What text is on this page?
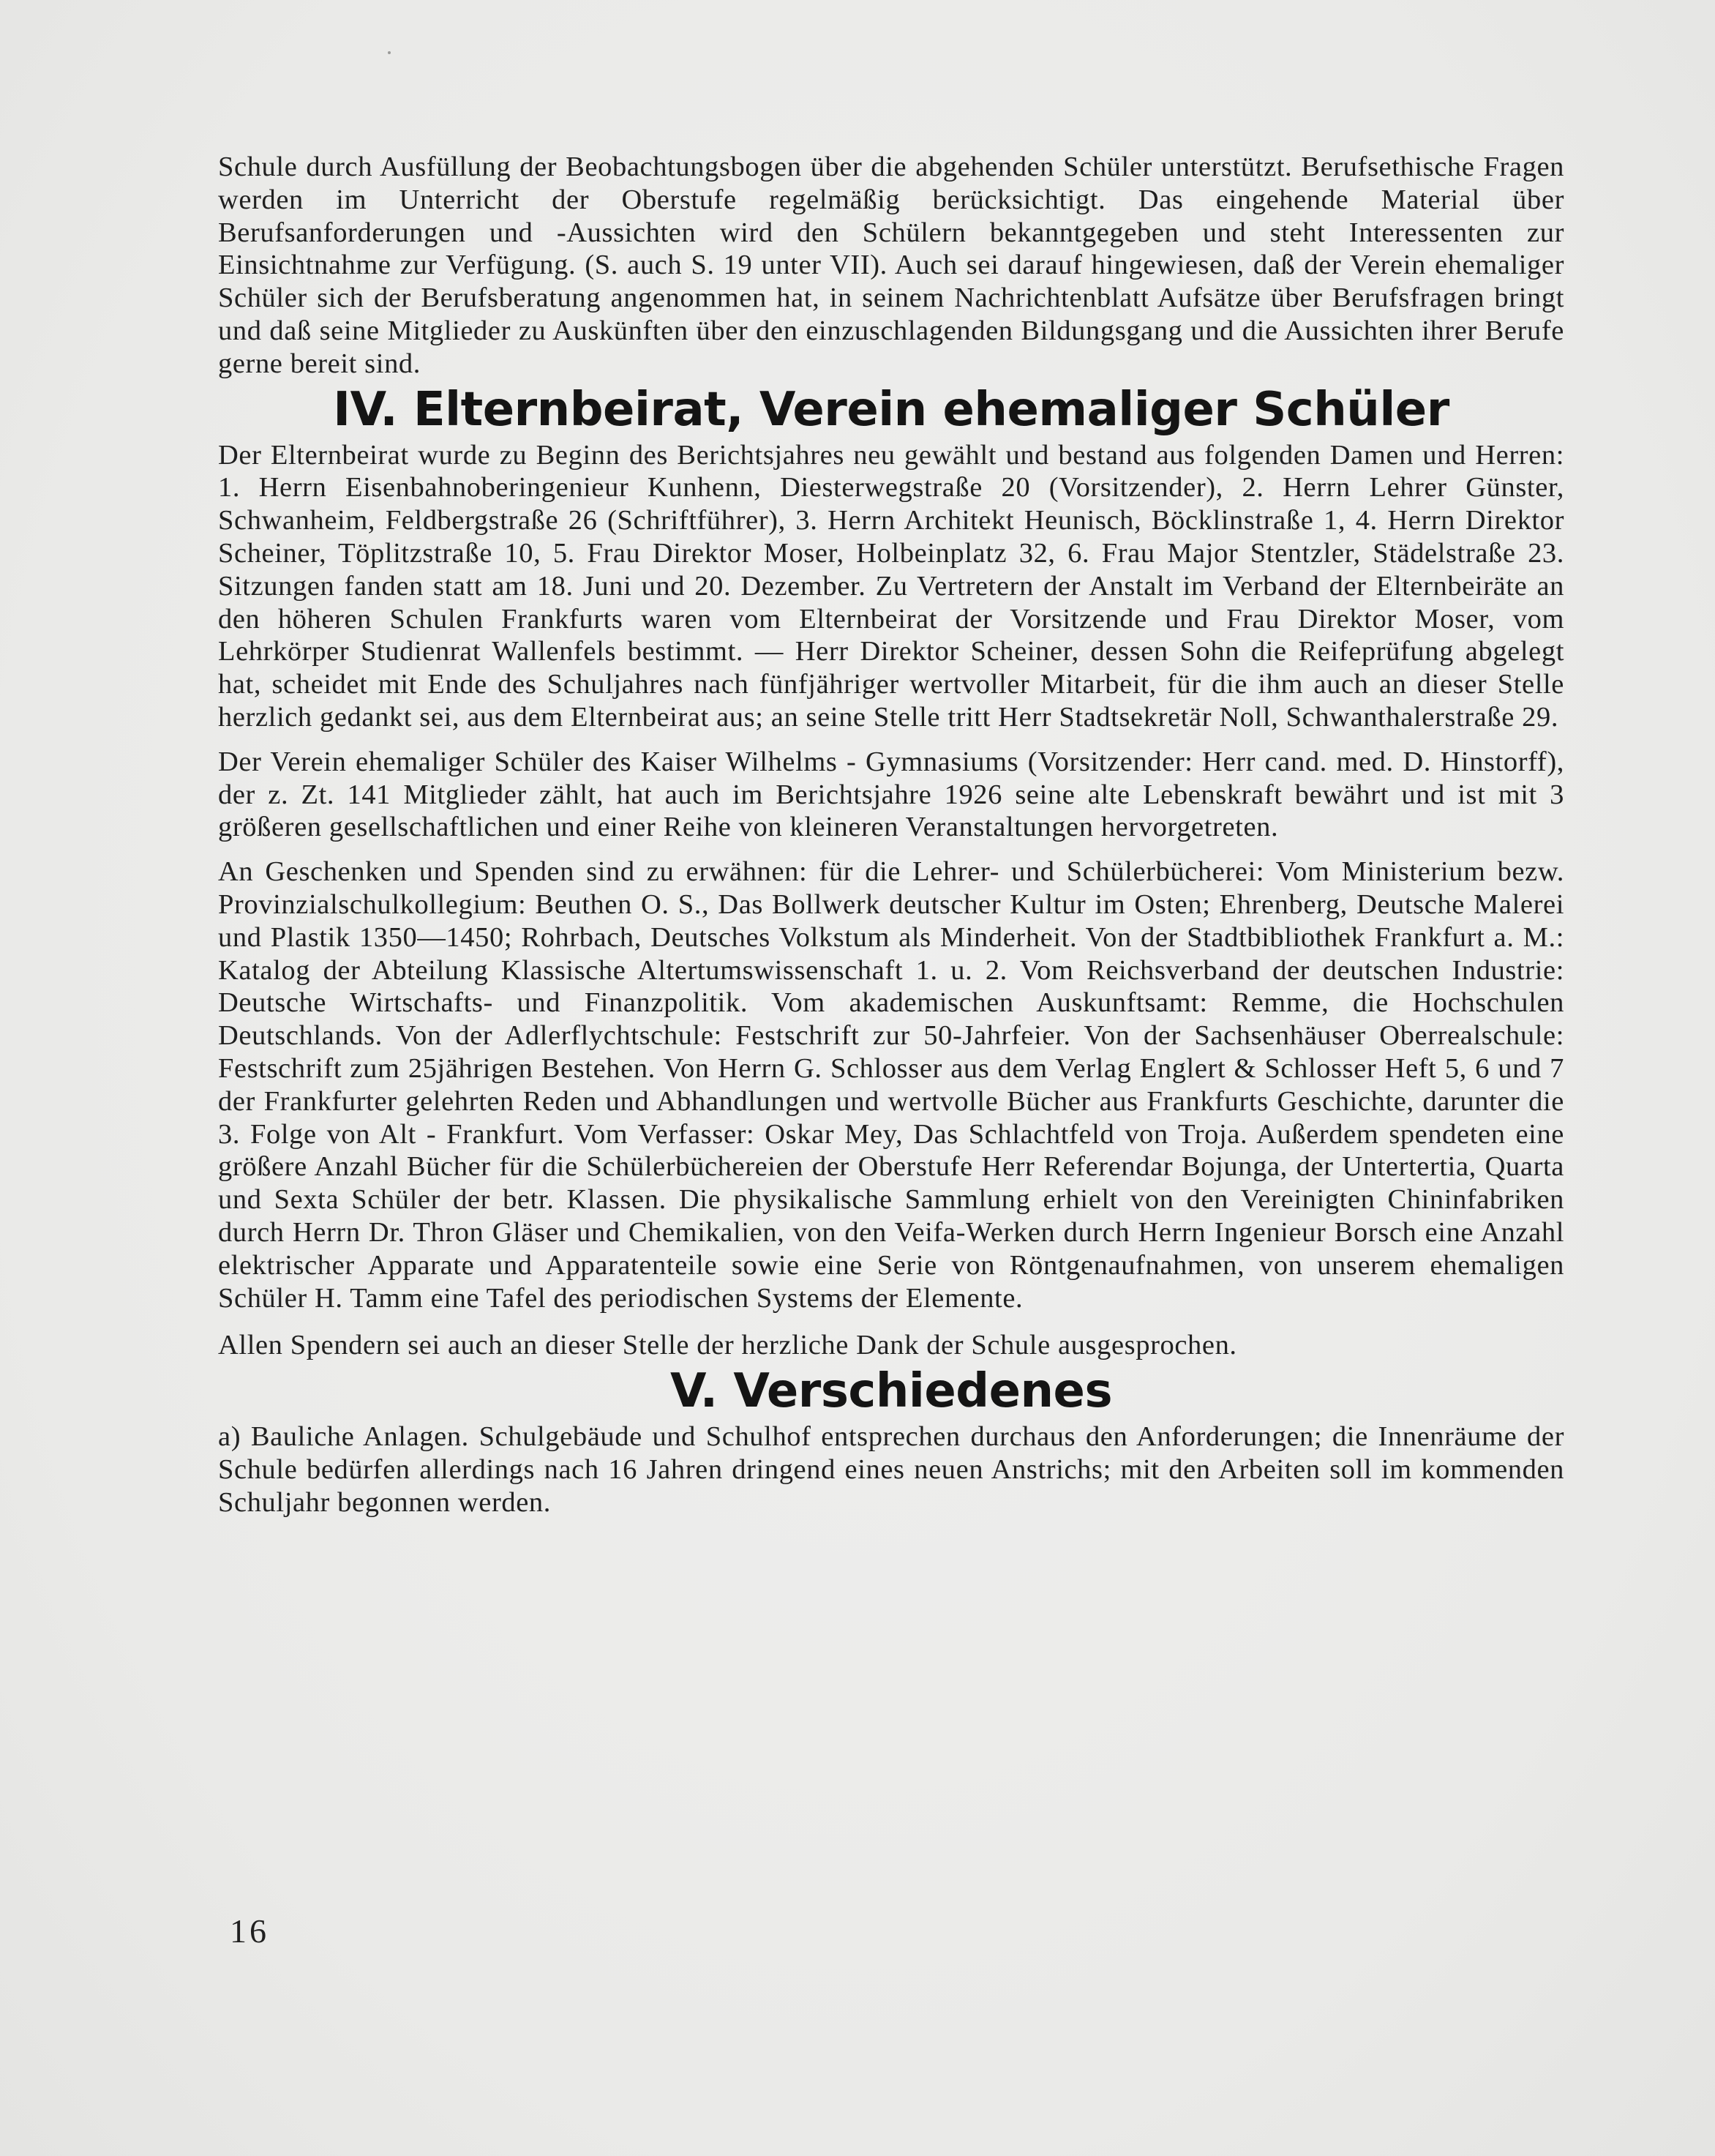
Schule durch Ausfüllung der Beobachtungsbogen über die abgehenden Schüler unterstützt. Berufsethische Fragen werden im Unterricht der Oberstufe regelmäßig berücksichtigt. Das eingehende Material über Berufsanforderungen und -Aussichten wird den Schülern bekanntgegeben und steht Interessenten zur Einsichtnahme zur Verfügung. (S. auch S. 19 unter VII). Auch sei darauf hingewiesen, daß der Verein ehemaliger Schüler sich der Berufsberatung angenommen hat, in seinem Nachrichtenblatt Aufsätze über Berufsfragen bringt und daß seine Mitglieder zu Auskünften über den einzuschlagenden Bildungsgang und die Aussichten ihrer Berufe gerne bereit sind.

IV. Elternbeirat, Verein ehemaliger Schüler

Der Elternbeirat wurde zu Beginn des Berichtsjahres neu gewählt und bestand aus folgenden Damen und Herren: 1. Herrn Eisenbahnoberingenieur Kunhenn, Diesterwegstraße 20 (Vorsitzender), 2. Herrn Lehrer Günster, Schwanheim, Feldbergstraße 26 (Schriftführer), 3. Herrn Architekt Heunisch, Böcklinstraße 1, 4. Herrn Direktor Scheiner, Töplitzstraße 10, 5. Frau Direktor Moser, Holbeinplatz 32, 6. Frau Major Stentzler, Städelstraße 23. Sitzungen fanden statt am 18. Juni und 20. Dezember. Zu Vertretern der Anstalt im Verband der Elternbeiräte an den höheren Schulen Frankfurts waren vom Elternbeirat der Vorsitzende und Frau Direktor Moser, vom Lehrkörper Studienrat Wallenfels bestimmt. — Herr Direktor Scheiner, dessen Sohn die Reifeprüfung abgelegt hat, scheidet mit Ende des Schuljahres nach fünfjähriger wertvoller Mitarbeit, für die ihm auch an dieser Stelle herzlich gedankt sei, aus dem Elternbeirat aus; an seine Stelle tritt Herr Stadtsekretär Noll, Schwanthalerstraße 29.

Der Verein ehemaliger Schüler des Kaiser Wilhelms - Gymnasiums (Vorsitzender: Herr cand. med. D. Hinstorff), der z. Zt. 141 Mitglieder zählt, hat auch im Berichtsjahre 1926 seine alte Lebenskraft bewährt und ist mit 3 größeren gesellschaftlichen und einer Reihe von kleineren Veranstaltungen hervorgetreten.

An Geschenken und Spenden sind zu erwähnen: für die Lehrer- und Schülerbücherei: Vom Ministerium bezw. Provinzialschulkollegium: Beuthen O. S., Das Bollwerk deutscher Kultur im Osten; Ehrenberg, Deutsche Malerei und Plastik 1350—1450; Rohrbach, Deutsches Volkstum als Minderheit. Von der Stadtbibliothek Frankfurt a. M.: Katalog der Abteilung Klassische Altertumswissenschaft 1. u. 2. Vom Reichsverband der deutschen Industrie: Deutsche Wirtschafts- und Finanzpolitik. Vom akademischen Auskunftsamt: Remme, die Hochschulen Deutschlands. Von der Adlerflychtschule: Festschrift zur 50-Jahrfeier. Von der Sachsenhäuser Oberrealschule: Festschrift zum 25jährigen Bestehen. Von Herrn G. Schlosser aus dem Verlag Englert & Schlosser Heft 5, 6 und 7 der Frankfurter gelehrten Reden und Abhandlungen und wertvolle Bücher aus Frankfurts Geschichte, darunter die 3. Folge von Alt - Frankfurt. Vom Verfasser: Oskar Mey, Das Schlachtfeld von Troja. Außerdem spendeten eine größere Anzahl Bücher für die Schülerbüchereien der Oberstufe Herr Referendar Bojunga, der Untertertia, Quarta und Sexta Schüler der betr. Klassen. Die physikalische Sammlung erhielt von den Vereinigten Chininfabriken durch Herrn Dr. Thron Gläser und Chemikalien, von den Veifa-Werken durch Herrn Ingenieur Borsch eine Anzahl elektrischer Apparate und Apparatenteile sowie eine Serie von Röntgenaufnahmen, von unserem ehemaligen Schüler H. Tamm eine Tafel des periodischen Systems der Elemente.

Allen Spendern sei auch an dieser Stelle der herzliche Dank der Schule ausgesprochen.

V. Verschiedenes

a) Bauliche Anlagen. Schulgebäude und Schulhof entsprechen durchaus den Anforderungen; die Innenräume der Schule bedürfen allerdings nach 16 Jahren dringend eines neuen Anstrichs; mit den Arbeiten soll im kommenden Schuljahr begonnen werden.

16
